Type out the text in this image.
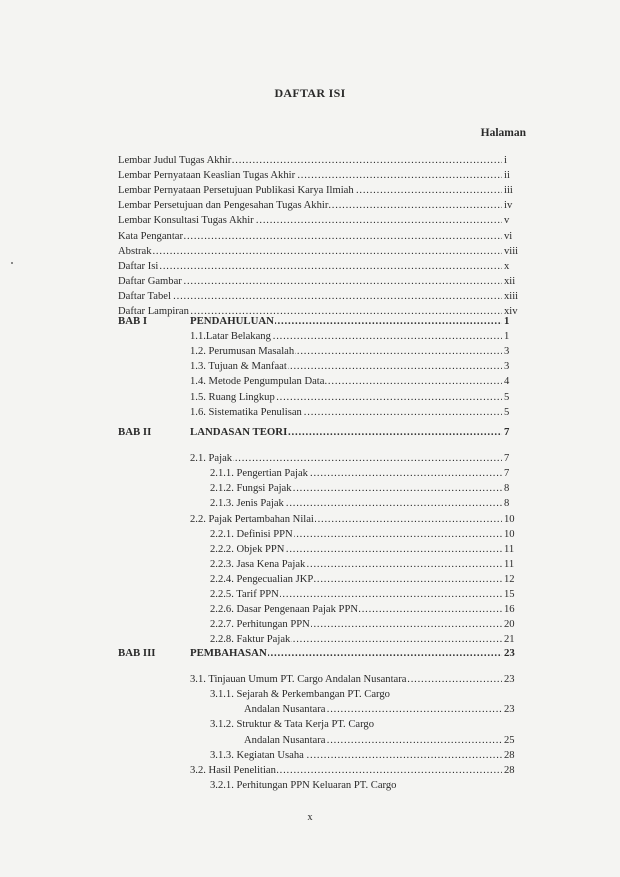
DAFTAR ISI
Halaman
.....
Lembar Judul Tugas Akhir	i
.....
Lembar Pernyataan Keaslian Tugas Akhir	ii
.....
Lembar Pernyataan Persetujuan Publikasi Karya Ilmiah	iii
.....
Lembar Persetujuan dan Pengesahan Tugas Akhir	iv
.....
Lembar Konsultasi Tugas Akhir	v
.....
Kata Pengantar	vi
.....
Abstrak	viii
.....
Daftar Isi	x
.....
Daftar Gambar	xii
.....
Daftar Tabel	xiii
.....
Daftar Lampiran	xiv
BAB I .....	PENDAHULUAN	1
.....
1.1.Latar Belakang	1
.....
1.2. Perumusan Masalah	3
.....
1.3. Tujuan & Manfaat	3
.....
1.4. Metode Pengumpulan Data	4
.....
1.5. Ruang Lingkup	5
.....
1.6. Sistematika Penulisan	5
BAB II .....	LANDASAN TEORI	7
.....
2.1. Pajak	7
.....
2.1.1. Pengertian Pajak	7
.....
2.1.2. Fungsi Pajak	8
.....
2.1.3. Jenis Pajak	8
.....
2.2. Pajak Pertambahan Nilai	10
.....
2.2.1. Definisi PPN	10
.....
2.2.2. Objek PPN	11
.....
2.2.3. Jasa Kena Pajak	11
.....
2.2.4. Pengecualian JKP	12
.....
2.2.5. Tarif PPN	15
.....
2.2.6. Dasar Pengenaan Pajak PPN	16
.....
2.2.7. Perhitungan PPN	20
.....
2.2.8. Faktur Pajak	21
BAB III .....	PEMBAHASAN	23
.....
3.1. Tinjauan Umum PT. Cargo Andalan Nusantara	23
3.1.1. Sejarah & Perkembangan PT. Cargo
.....
Andalan Nusantara	23
3.1.2. Struktur & Tata Kerja PT. Cargo
.....
Andalan Nusantara	25
.....
3.1.3. Kegiatan Usaha	28
.....
3.2. Hasil Penelitian	28
3.2.1. Perhitungan PPN Keluaran PT. Cargo
x
